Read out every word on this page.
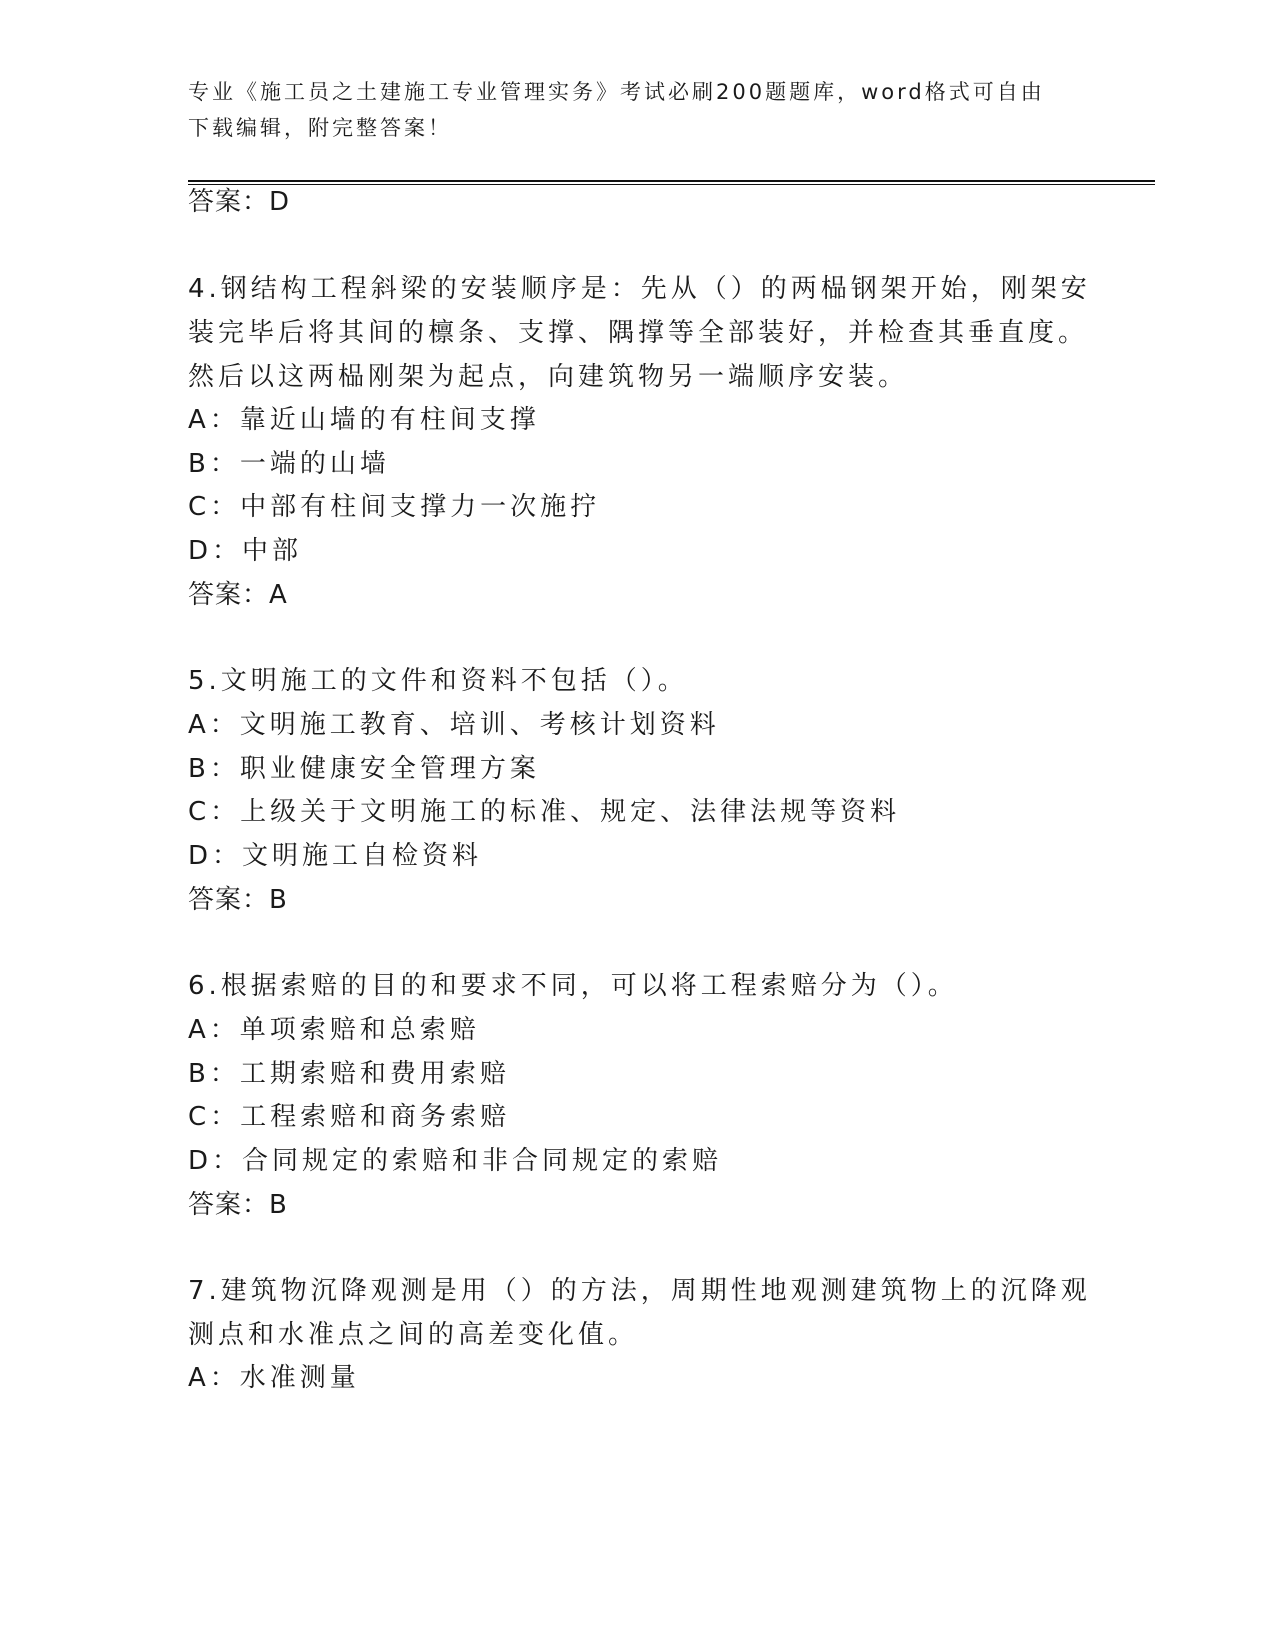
专业《施工员之土建施工专业管理实务》考试必刷200题题库，word格式可自由
下载编辑，附完整答案！
答案：D
4.钢结构工程斜梁的安装顺序是：先从（）的两榀钢架开始，刚架安
装完毕后将其间的檩条、支撑、隅撑等全部装好，并检查其垂直度。
然后以这两榀刚架为起点，向建筑物另一端顺序安装。
A：靠近山墙的有柱间支撑
B：一端的山墙
C：中部有柱间支撑力一次施拧
D：中部
答案：A
5.文明施工的文件和资料不包括（）。
A：文明施工教育、培训、考核计划资料
B：职业健康安全管理方案
C：上级关于文明施工的标准、规定、法律法规等资料
D：文明施工自检资料
答案：B
6.根据索赔的目的和要求不同，可以将工程索赔分为（）。
A：单项索赔和总索赔
B：工期索赔和费用索赔
C：工程索赔和商务索赔
D：合同规定的索赔和非合同规定的索赔
答案：B
7.建筑物沉降观测是用（）的方法，周期性地观测建筑物上的沉降观
测点和水准点之间的高差变化值。
A：水准测量
